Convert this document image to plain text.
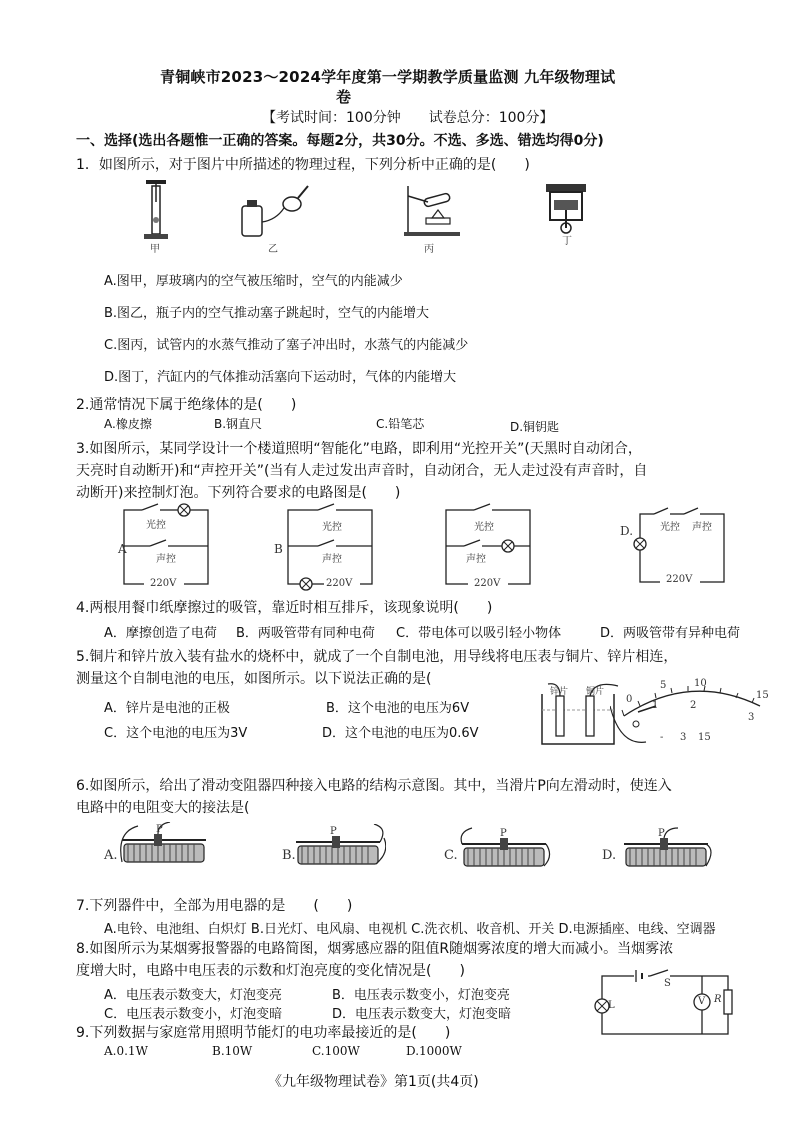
青铜峡市2023～2024学年度第一学期教学质量监测 九年级物理试
卷
【考试时间：100分钟　　试卷总分：100分】
一、选择(选出各题惟一正确的答案。每题2分，共30分。不选、多选、错选均得0分)
1．如图所示，对于图片中所描述的物理过程，下列分析中正确的是(　　)
甲	乙	丙
丁
A.图甲，厚玻璃内的空气被压缩时，空气的内能减少
B.图乙，瓶子内的空气推动塞子跳起时，空气的内能增大
C.图丙，试管内的水蒸气推动了塞子冲出时，水蒸气的内能减少
D.图丁，汽缸内的气体推动活塞向下运动时，气体的内能增大
2.通常情况下属于绝缘体的是(　　)
A.橡皮擦	B.钢直尺	C.铅笔芯	D.铜钥匙
3.如图所示，某同学设计一个楼道照明“智能化”电路，即利用“光控开关”(天黑时自动闭合，
天亮时自动断开)和“声控开关”(当有人走过发出声音时，自动闭合，无人走过没有声音时，自
动断开)来控制灯泡。下列符合要求的电路图是(　　)
A
光控
声控
220V
B
光控
声控
220V
光控
声控
220V
D.	光控 声控
220V
4.两根用餐巾纸摩擦过的吸管，靠近时相互排斥，该现象说明(　　)
A．摩擦创造了电荷 B．两吸管带有同种电荷 C．带电体可以吸引轻小物体	D．两吸管带有异种电荷
5.铜片和锌片放入装有盐水的烧杯中，就成了一个自制电池，用导线将电压表与铜片、锌片相连，
测量这个自制电池的电压，如图所示。以下说法正确的是(
A．锌片是电池的正极	B．这个电池的电压为6V
C．这个电池的电压为3V	D．这个电池的电压为0.6V
锌片 铜片
0
5	10
15
1	2
3
- 3 15
6.如图所示，给出了滑动变阻器四种接入电路的结构示意图。其中，当滑片P向左滑动时，使连入
电路中的电阻变大的接法是(
A.
P
B.
P
C.
P
D.
P
7.下列器件中，全部为用电器的是　　(　　)
A.电铃、电池组、白炽灯 B.日光灯、电风扇、电视机 C.洗衣机、收音机、开关 D.电源插座、电线、空调器
8.如图所示为某烟雾报警器的电路简图，烟雾感应器的阻值R随烟雾浓度的增大而减小。当烟雾浓
度增大时，电路中电压表的示数和灯泡亮度的变化情况是(　　)
A．电压表示数变大，灯泡变亮	B．电压表示数变小，灯泡变亮
C．电压表示数变小，灯泡变暗	D．电压表示数变大，灯泡变暗
S
L	V R
9.下列数据与家庭常用照明节能灯的电功率最接近的是(　　)
A.0.1W	B.10W	C.100W	D.1000W
《九年级物理试卷》第1页(共4页)
